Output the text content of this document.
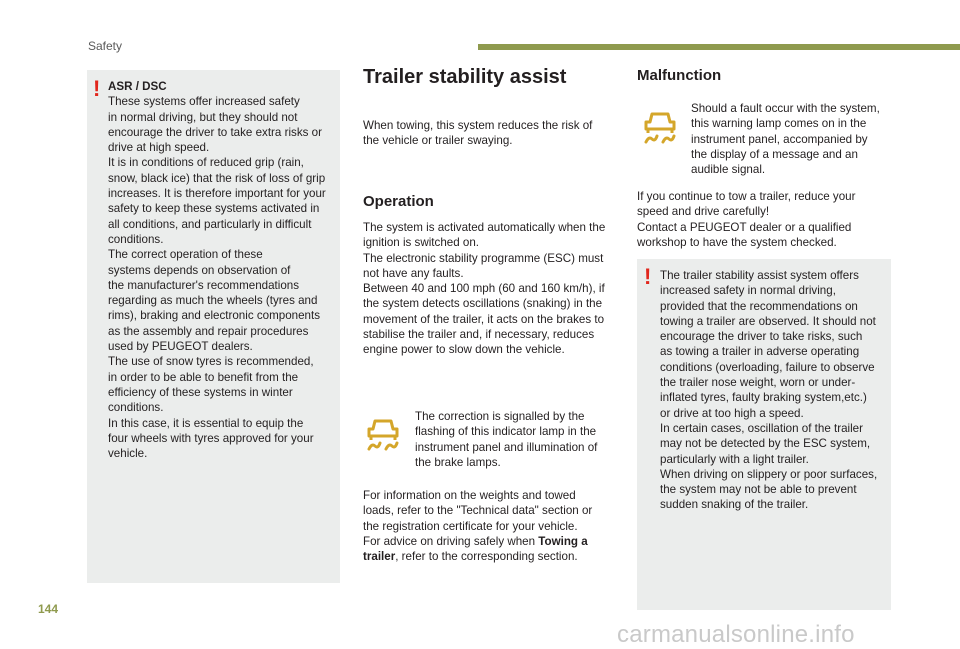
Safety
! ASR / DSC

These systems offer increased safety
in normal driving, but they should not
encourage the driver to take extra risks or
drive at high speed.
It is in conditions of reduced grip (rain,
snow, black ice) that the risk of loss of grip
increases. It is therefore important for your
safety to keep these systems activated in
all conditions, and particularly in difficult
conditions.
The correct operation of these
systems depends on observation of
the manufacturer's recommendations
regarding as much the wheels (tyres and
rims), braking and electronic components
as the assembly and repair procedures
used by PEUGEOT dealers.
The use of snow tyres is recommended,
in order to be able to benefit from the
efficiency of these systems in winter
conditions.
In this case, it is essential to equip the
four wheels with tyres approved for your
vehicle.
Trailer stability assist
When towing, this system reduces the risk of
the vehicle or trailer swaying.
Operation
The system is activated automatically when the
ignition is switched on.
The electronic stability programme (ESC) must
not have any faults.
Between 40 and 100 mph (60 and 160 km/h), if
the system detects oscillations (snaking) in the
movement of the trailer, it acts on the brakes to
stabilise the trailer and, if necessary, reduces
engine power to slow down the vehicle.
The correction is signalled by the
flashing of this indicator lamp in the
instrument panel and illumination of
the brake lamps.
For information on the weights and towed
loads, refer to the "Technical data" section or
the registration certificate for your vehicle.
For advice on driving safely when Towing a
trailer, refer to the corresponding section.
Malfunction
Should a fault occur with the system,
this warning lamp comes on in the
instrument panel, accompanied by
the display of a message and an
audible signal.
If you continue to tow a trailer, reduce your
speed and drive carefully!
Contact a PEUGEOT dealer or a qualified
workshop to have the system checked.
! The trailer stability assist system offers
increased safety in normal driving,
provided that the recommendations on
towing a trailer are observed. It should not
encourage the driver to take risks, such
as towing a trailer in adverse operating
conditions (overloading, failure to observe
the trailer nose weight, worn or under-
inflated tyres, faulty braking system,etc.)
or drive at too high a speed.
In certain cases, oscillation of the trailer
may not be detected by the ESC system,
particularly with a light trailer.
When driving on slippery or poor surfaces,
the system may not be able to prevent
sudden snaking of the trailer.
144
carmanualsonline.info
